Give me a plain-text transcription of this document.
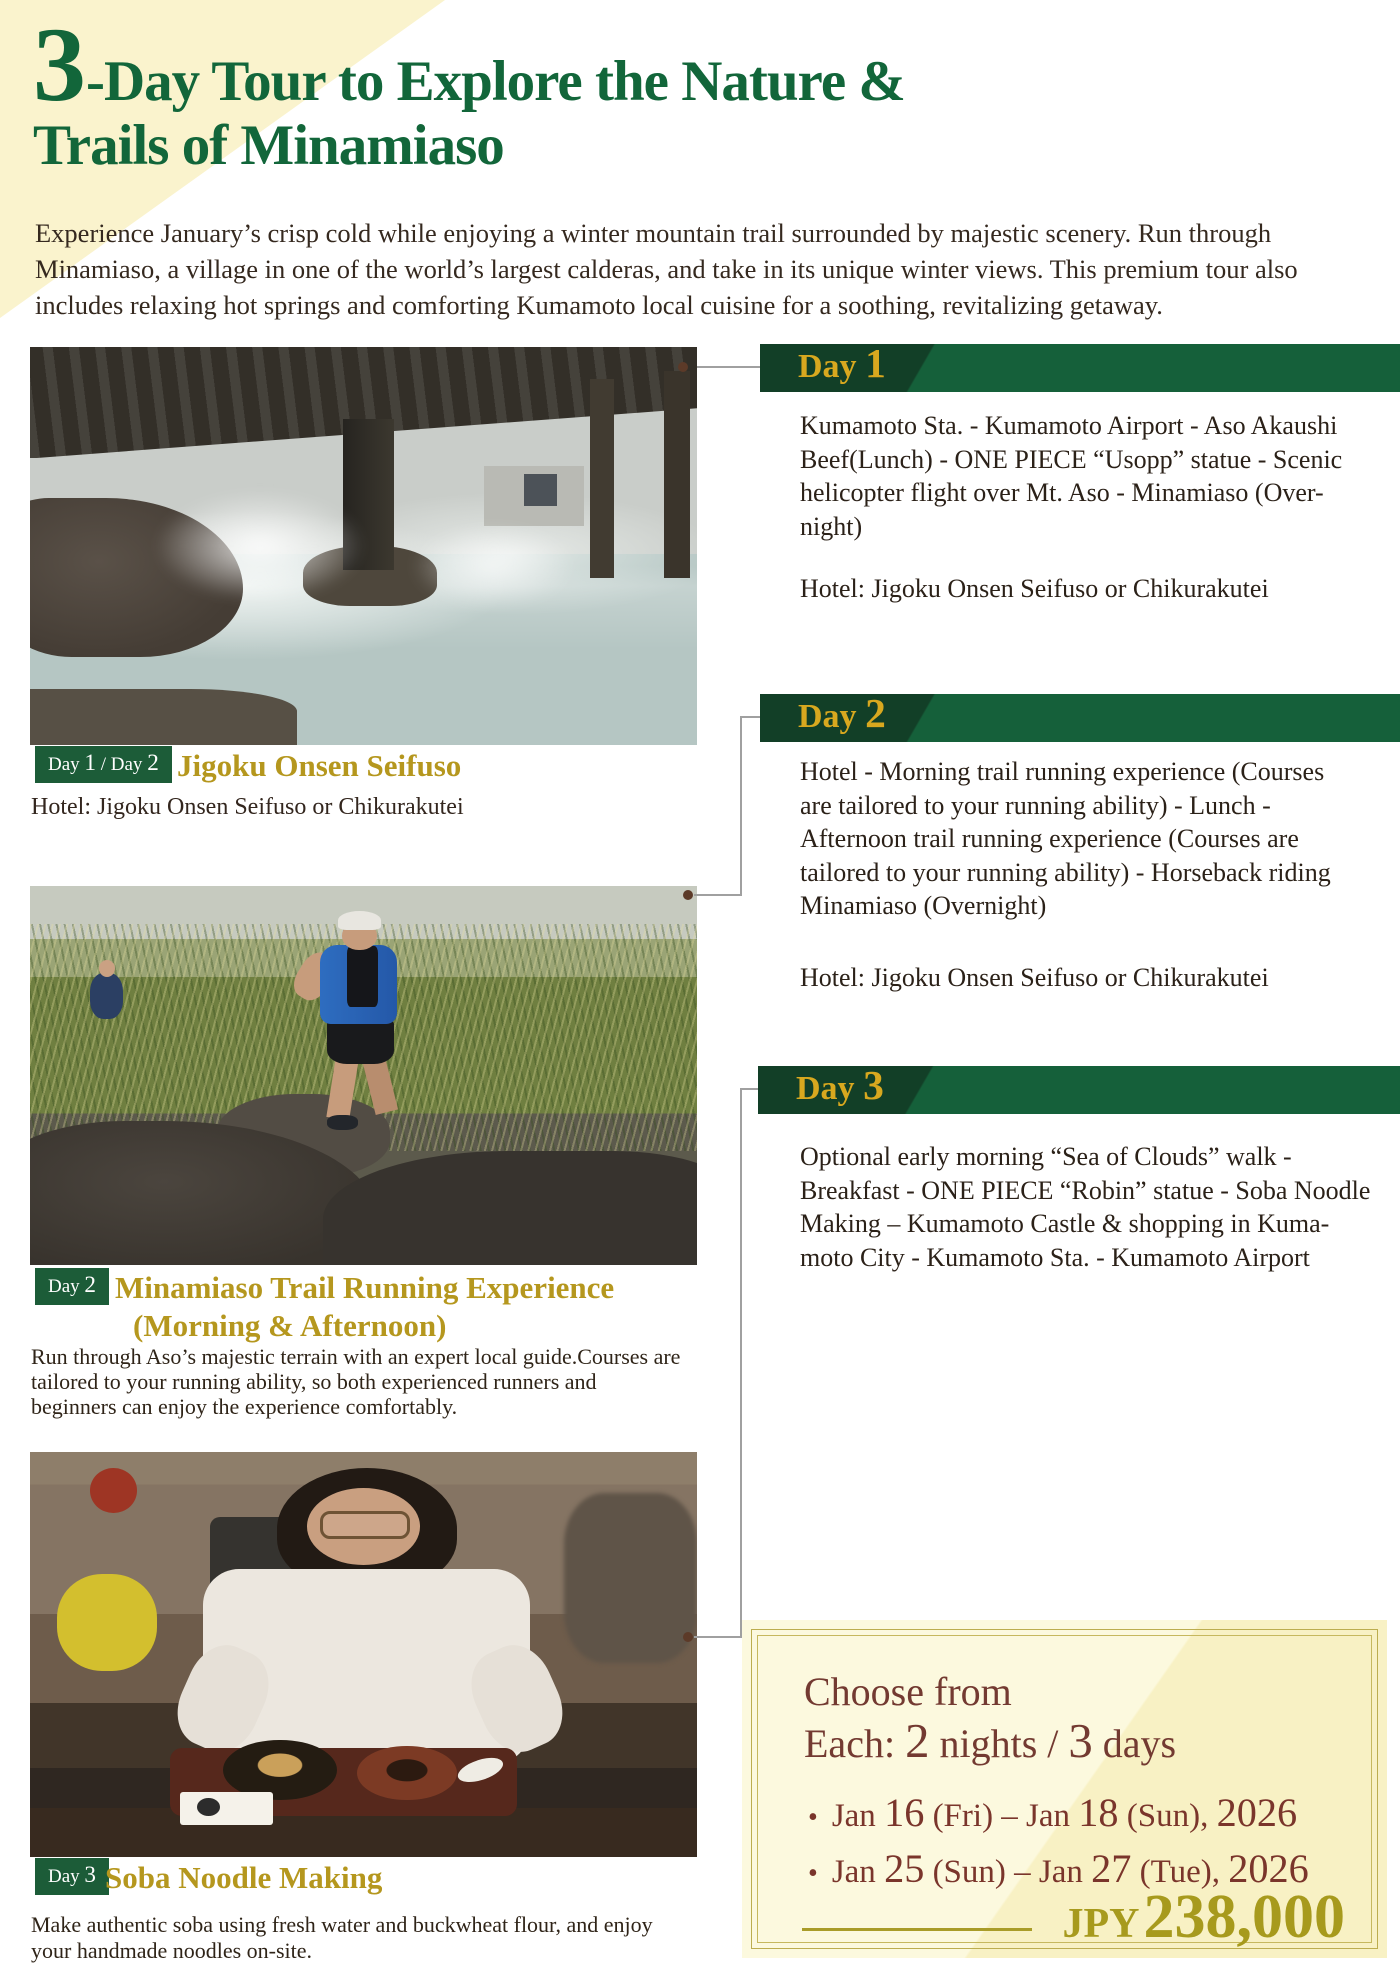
3-Day Tour to Explore the Nature &
Trails of Minamiaso
Experience January’s crisp cold while enjoying a winter mountain trail surrounded by majestic scenery. Run through
Minamiaso, a village in one of the world’s largest calderas, and take in its unique winter views. This premium tour also
includes relaxing hot springs and comforting Kumamoto local cuisine for a soothing, revitalizing getaway.
Day 1 / Day 2 Jigoku Onsen Seifuso
Hotel: Jigoku Onsen Seifuso or Chikurakutei
Day 2 Minamiaso Trail Running Experience
(Morning & Afternoon)
Run through Aso’s majestic terrain with an expert local guide.Courses are
tailored to your running ability, so both experienced runners and
beginners can enjoy the experience comfortably.
Day 3 Soba Noodle Making
Make authentic soba using fresh water and buckwheat flour, and enjoy
your handmade noodles on-site.
Day 1
Kumamoto Sta. - Kumamoto Airport - Aso Akaushi
Beef(Lunch) - ONE PIECE “Usopp” statue - Scenic
helicopter flight over Mt. Aso - Minamiaso (Over-
night)
Hotel: Jigoku Onsen Seifuso or Chikurakutei
Day 2
Hotel - Morning trail running experience (Courses
are tailored to your running ability) - Lunch -
Afternoon trail running experience (Courses are
tailored to your running ability) - Horseback riding
Minamiaso (Overnight)
Hotel: Jigoku Onsen Seifuso or Chikurakutei
Day 3
Optional early morning “Sea of Clouds” walk -
Breakfast - ONE PIECE “Robin” statue - Soba Noodle
Making – Kumamoto Castle & shopping in Kuma-
moto City - Kumamoto Sta. - Kumamoto Airport
Choose from
Each: 2 nights / 3 days
• Jan 16 (Fri) – Jan 18 (Sun), 2026
• Jan 25 (Sun) – Jan 27 (Tue), 2026
JPY 238,000
